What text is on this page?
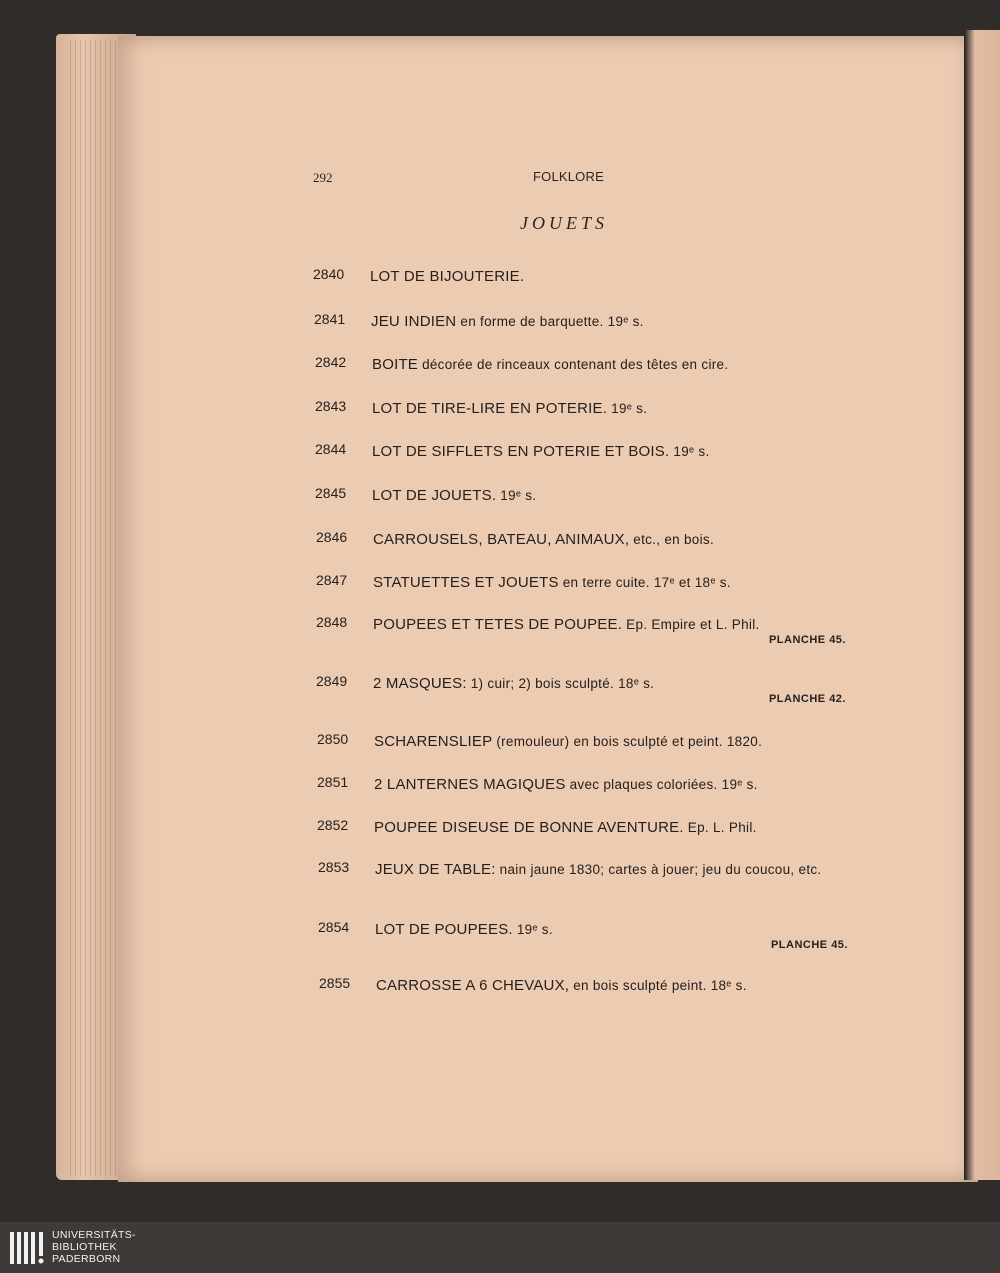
292	FOLKLORE
JOUETS
2840 LOT DE BIJOUTERIE.
2841 JEU INDIEN en forme de barquette. 19ᵉ s.
2842 BOITE décorée de rinceaux contenant des têtes en cire.
2843 LOT DE TIRE-LIRE EN POTERIE. 19ᵉ s.
2844 LOT DE SIFFLETS EN POTERIE ET BOIS. 19ᵉ s.
2845 LOT DE JOUETS. 19ᵉ s.
2846 CARROUSELS, BATEAU, ANIMAUX, etc., en bois.
2847 STATUETTES ET JOUETS en terre cuite. 17ᵉ et 18ᵉ s.
2848 POUPEES ET TETES DE POUPEE. Ep. Empire et L. Phil.
PLANCHE 45.
2849 2 MASQUES: 1) cuir; 2) bois sculpté. 18ᵉ s.
PLANCHE 42.
2850 SCHARENSLIEP (remouleur) en bois sculpté et peint. 1820.
2851 2 LANTERNES MAGIQUES avec plaques coloriées. 19ᵉ s.
2852 POUPEE DISEUSE DE BONNE AVENTURE. Ep. L. Phil.
2853 JEUX DE TABLE: nain jaune 1830; cartes à jouer; jeu du coucou, etc.
2854 LOT DE POUPEES. 19ᵉ s.
PLANCHE 45.
2855 CARROSSE A 6 CHEVAUX, en bois sculpté peint. 18ᵉ s.
UNIVERSITÄTS-
BIBLIOTHEK
PADERBORN
